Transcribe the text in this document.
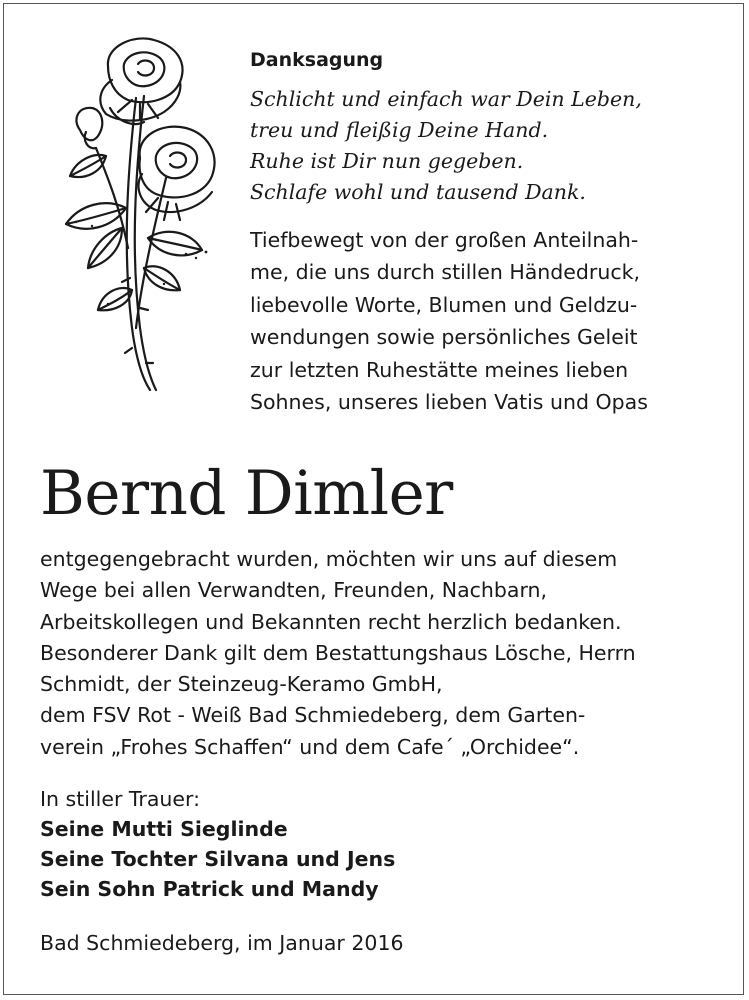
Danksagung
Schlicht und einfach war Dein Leben,
treu und fleißig Deine Hand.
Ruhe ist Dir nun gegeben.
Schlafe wohl und tausend Dank.
Tiefbewegt von der großen Anteilnah-
me, die uns durch stillen Händedruck,
liebevolle Worte, Blumen und Geldzu-
wendungen sowie persönliches Geleit
zur letzten Ruhestätte meines lieben
Sohnes, unseres lieben Vatis und Opas
Bernd Dimler
entgegengebracht wurden, möchten wir uns auf diesem
Wege bei allen Verwandten, Freunden, Nachbarn,
Arbeitskollegen und Bekannten recht herzlich bedanken.
Besonderer Dank gilt dem Bestattungshaus Lösche, Herrn
Schmidt, der Steinzeug-Keramo GmbH,
dem FSV Rot - Weiß Bad Schmiedeberg, dem Garten-
verein „Frohes Schaffen“ und dem Cafe´ „Orchidee“.
In stiller Trauer:
Seine Mutti Sieglinde
Seine Tochter Silvana und Jens
Sein Sohn Patrick und Mandy
Bad Schmiedeberg, im Januar 2016
